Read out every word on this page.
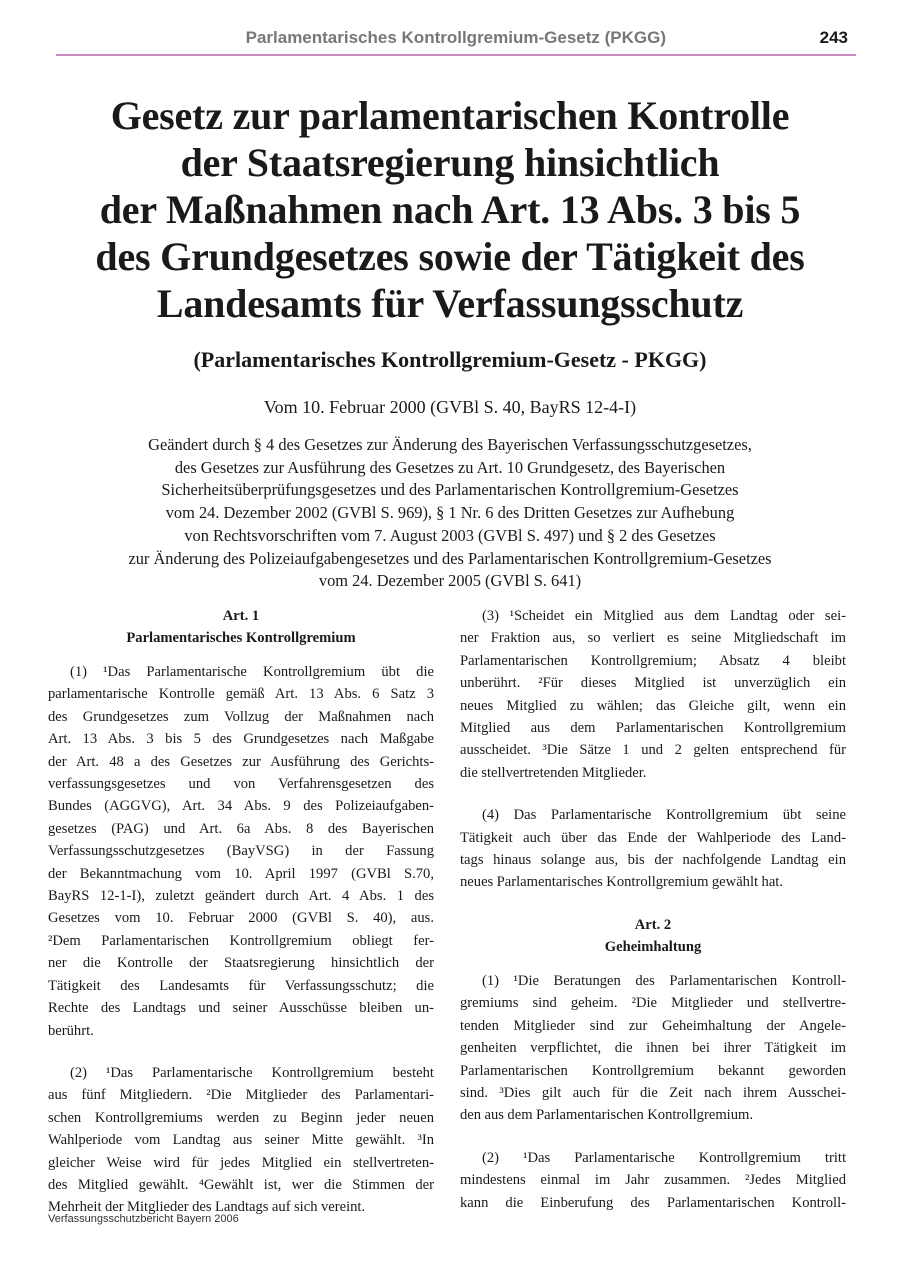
Parlamentarisches Kontrollgremium-Gesetz (PKGG)	243
Gesetz zur parlamentarischen Kontrolle
der Staatsregierung hinsichtlich
der Maßnahmen nach Art. 13 Abs. 3 bis 5
des Grundgesetzes sowie der Tätigkeit des
Landesamts für Verfassungsschutz
(Parlamentarisches Kontrollgremium-Gesetz - PKGG)
Vom 10. Februar 2000 (GVBl S. 40, BayRS 12-4-I)
Geändert durch § 4 des Gesetzes zur Änderung des Bayerischen Verfassungsschutzgesetzes,
des Gesetzes zur Ausführung des Gesetzes zu Art. 10 Grundgesetz, des Bayerischen
Sicherheitsüberprüfungsgesetzes und des Parlamentarischen Kontrollgremium-Gesetzes
vom 24. Dezember 2002 (GVBl S. 969), § 1 Nr. 6 des Dritten Gesetzes zur Aufhebung
von Rechtsvorschriften vom 7. August 2003 (GVBl S. 497) und § 2 des Gesetzes
zur Änderung des Polizeiaufgabengesetzes und des Parlamentarischen Kontrollgremium-Gesetzes
vom 24. Dezember 2005 (GVBl S. 641)
Art. 1
Parlamentarisches Kontrollgremium
(1) ¹Das Parlamentarische Kontrollgremium übt die
parlamentarische Kontrolle gemäß Art. 13 Abs. 6 Satz 3
des Grundgesetzes zum Vollzug der Maßnahmen nach
Art. 13 Abs. 3 bis 5 des Grundgesetzes nach Maßgabe
der Art. 48 a des Gesetzes zur Ausführung des Gerichts-
verfassungsgesetzes und von Verfahrensgesetzen des
Bundes (AGGVG), Art. 34 Abs. 9 des Polizeiaufgaben-
gesetzes (PAG) und Art. 6a Abs. 8 des Bayerischen
Verfassungsschutzgesetzes (BayVSG) in der Fassung
der Bekanntmachung vom 10. April 1997 (GVBl S.70,
BayRS 12-1-I), zuletzt geändert durch Art. 4 Abs. 1 des
Gesetzes vom 10. Februar 2000 (GVBl S. 40), aus.
²Dem Parlamentarischen Kontrollgremium obliegt fer-
ner die Kontrolle der Staatsregierung hinsichtlich der
Tätigkeit des Landesamts für Verfassungsschutz; die
Rechte des Landtags und seiner Ausschüsse bleiben un-
berührt.
(2) ¹Das Parlamentarische Kontrollgremium besteht
aus fünf Mitgliedern. ²Die Mitglieder des Parlamentari-
schen Kontrollgremiums werden zu Beginn jeder neuen
Wahlperiode vom Landtag aus seiner Mitte gewählt. ³In
gleicher Weise wird für jedes Mitglied ein stellvertreten-
des Mitglied gewählt. ⁴Gewählt ist, wer die Stimmen der
Mehrheit der Mitglieder des Landtags auf sich vereint.
(3) ¹Scheidet ein Mitglied aus dem Landtag oder sei-
ner Fraktion aus, so verliert es seine Mitgliedschaft im
Parlamentarischen Kontrollgremium; Absatz 4 bleibt
unberührt. ²Für dieses Mitglied ist unverzüglich ein
neues Mitglied zu wählen; das Gleiche gilt, wenn ein
Mitglied aus dem Parlamentarischen Kontrollgremium
ausscheidet. ³Die Sätze 1 und 2 gelten entsprechend für
die stellvertretenden Mitglieder.
(4) Das Parlamentarische Kontrollgremium übt seine
Tätigkeit auch über das Ende der Wahlperiode des Land-
tags hinaus solange aus, bis der nachfolgende Landtag ein
neues Parlamentarisches Kontrollgremium gewählt hat.
Art. 2
Geheimhaltung
(1) ¹Die Beratungen des Parlamentarischen Kontroll-
gremiums sind geheim. ²Die Mitglieder und stellvertre-
tenden Mitglieder sind zur Geheimhaltung der Angele-
genheiten verpflichtet, die ihnen bei ihrer Tätigkeit im
Parlamentarischen Kontrollgremium bekannt geworden
sind. ³Dies gilt auch für die Zeit nach ihrem Ausschei-
den aus dem Parlamentarischen Kontrollgremium.
(2) ¹Das Parlamentarische Kontrollgremium tritt
mindestens einmal im Jahr zusammen. ²Jedes Mitglied
kann die Einberufung des Parlamentarischen Kontroll-
Verfassungsschutzbericht Bayern 2006
